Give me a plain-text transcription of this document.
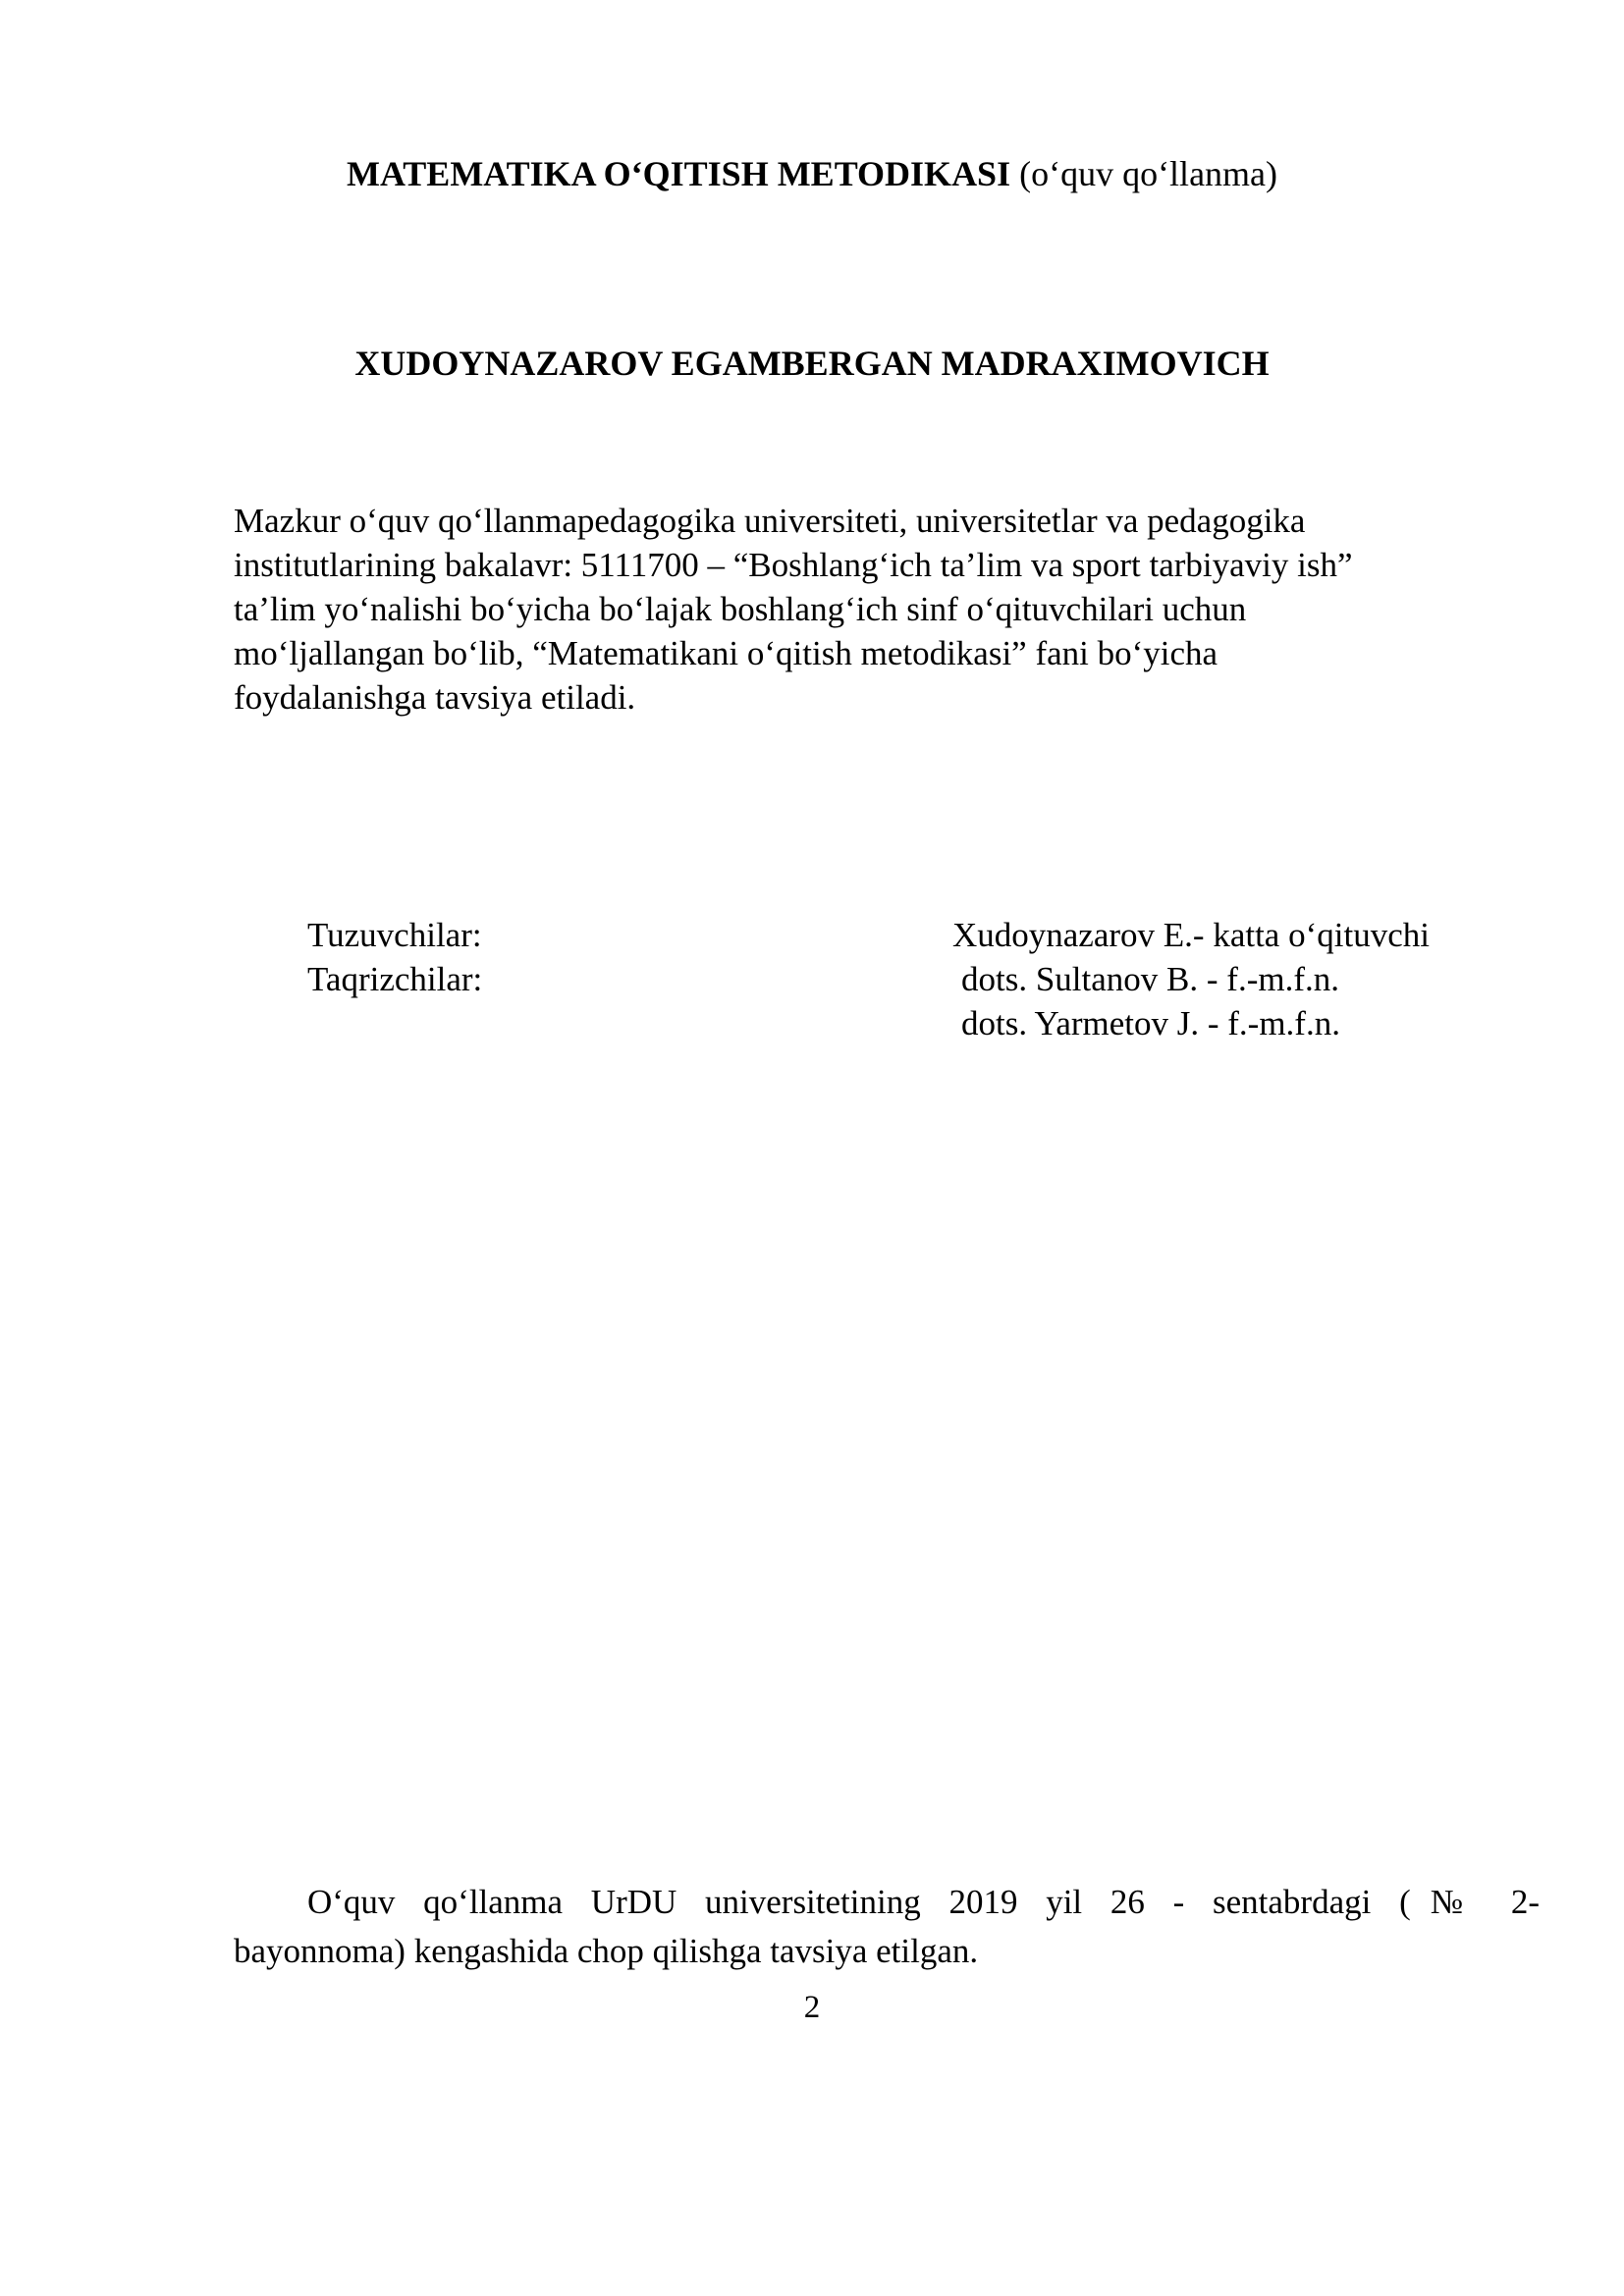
MATEMATIKA O‘QITISH METODIKASI (o‘quv qo‘llanma)
XUDOYNAZAROV EGAMBERGAN MADRAXIMOVICH
Mazkur o‘quv qo‘llanmapedagogika universiteti, universitetlar va pedagogika
institutlarining bakalavr: 5111700 – “Boshlang‘ich ta’lim va sport tarbiyaviy ish”
ta’lim yo‘nalishi bo‘yicha bo‘lajak boshlang‘ich sinf o‘qituvchilari uchun
mo‘ljallangan bo‘lib, “Matematikani o‘qitish metodikasi” fani bo‘yicha
foydalanishga tavsiya etiladi.
Tuzuvchilar:	Xudoynazarov E.- katta o‘qituvchi
Taqrizchilar:	dots. Sultanov B. - f.-m.f.n.
dots. Yarmetov J. - f.-m.f.n.
O‘quv qo‘llanma UrDU universitetining 2019 yil 26 - sentabrdagi (№ 2-
bayonnoma) kengashida chop qilishga tavsiya etilgan.
2
